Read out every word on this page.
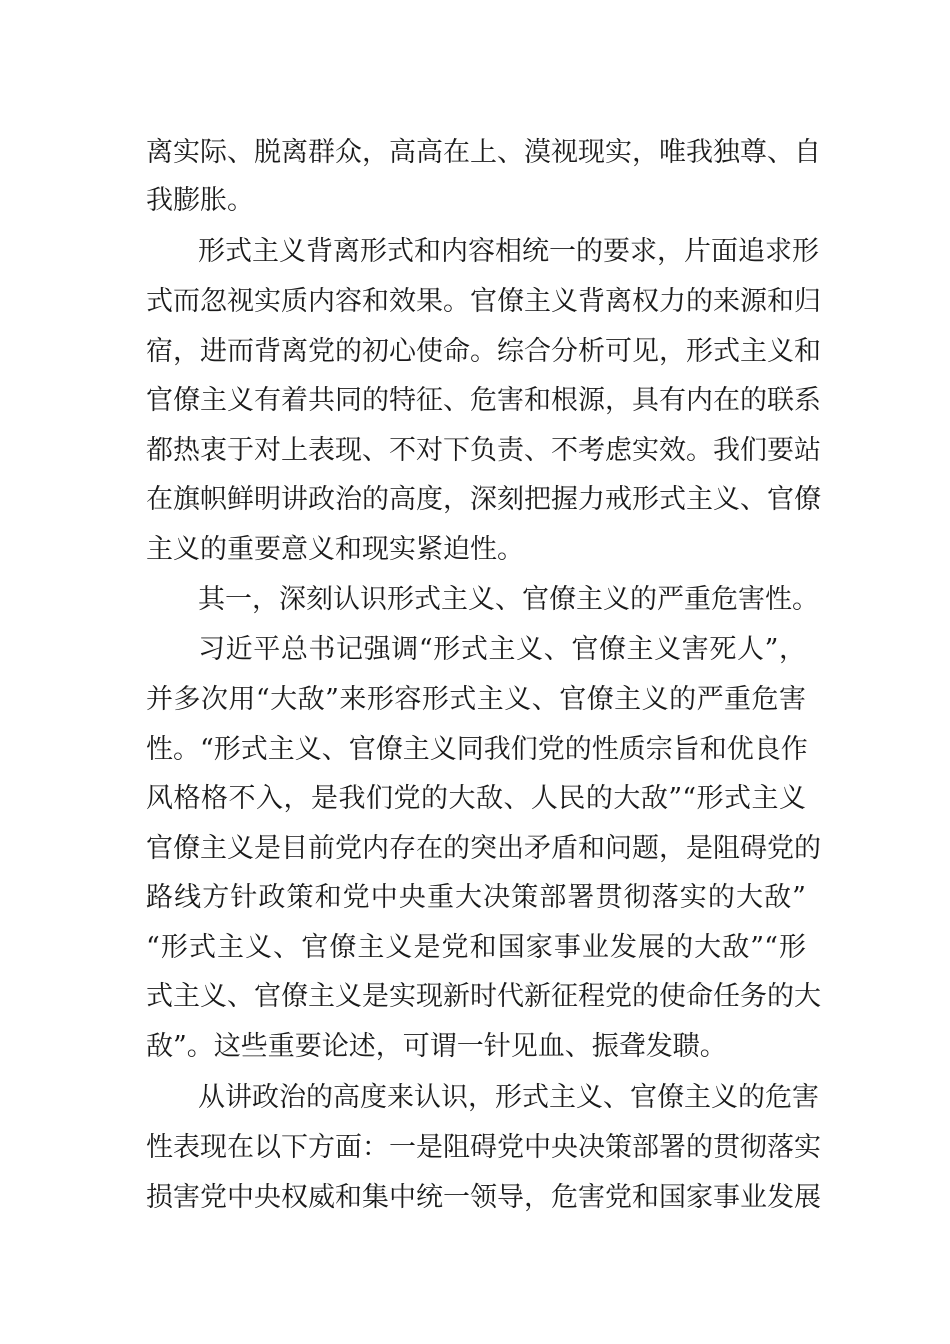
离实际、脱离群众，高高在上、漠视现实，唯我独尊、自
我膨胀。
形式主义背离形式和内容相统一的要求，片面追求形
式而忽视实质内容和效果。官僚主义背离权力的来源和归
宿，进而背离党的初心使命。综合分析可见，形式主义和
官僚主义有着共同的特征、危害和根源，具有内在的联系
都热衷于对上表现、不对下负责、不考虑实效。我们要站
在旗帜鲜明讲政治的高度，深刻把握力戒形式主义、官僚
主义的重要意义和现实紧迫性。
其一，深刻认识形式主义、官僚主义的严重危害性。
习近平总书记强调“形式主义、官僚主义害死人”，
并多次用“大敌”来形容形式主义、官僚主义的严重危害
性。“形式主义、官僚主义同我们党的性质宗旨和优良作
风格格不入，是我们党的大敌、人民的大敌”“形式主义
官僚主义是目前党内存在的突出矛盾和问题，是阻碍党的
路线方针政策和党中央重大决策部署贯彻落实的大敌”
“形式主义、官僚主义是党和国家事业发展的大敌”“形
式主义、官僚主义是实现新时代新征程党的使命任务的大
敌”。这些重要论述，可谓一针见血、振聋发聩。
从讲政治的高度来认识，形式主义、官僚主义的危害
性表现在以下方面：一是阻碍党中央决策部署的贯彻落实
损害党中央权威和集中统一领导，危害党和国家事业发展
